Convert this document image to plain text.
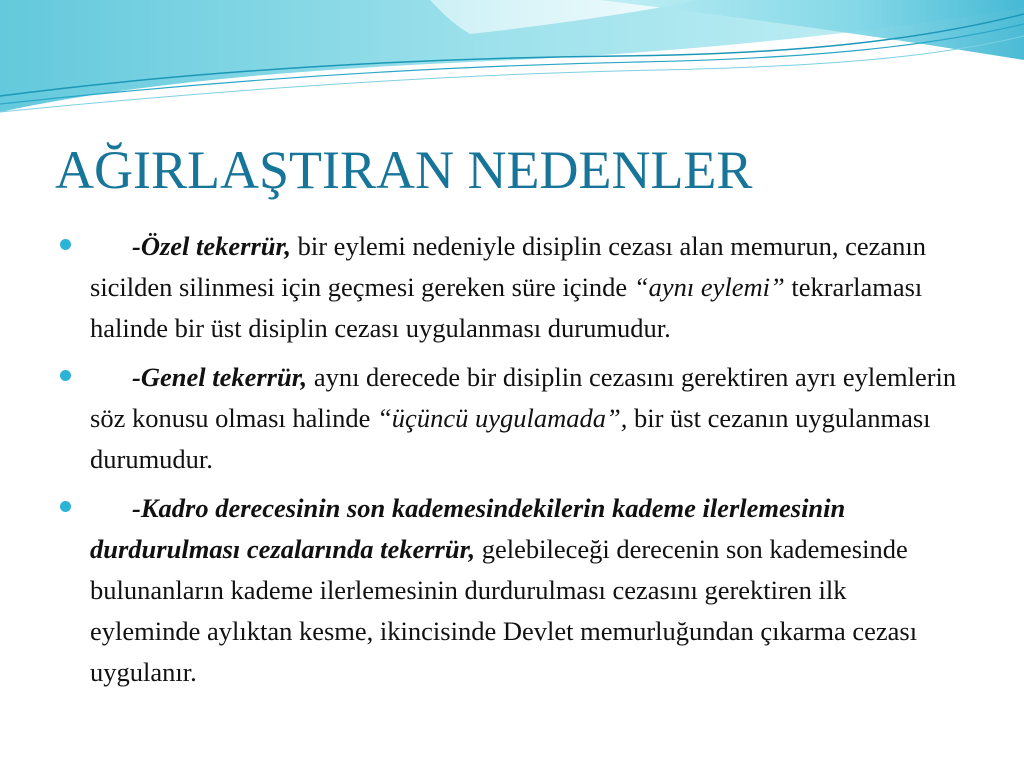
AĞIRLAŞTIRAN NEDENLER
-Özel tekerrür, bir eylemi nedeniyle disiplin cezası alan memurun, cezanın sicilden silinmesi için geçmesi gereken süre içinde “aynı eylemi” tekrarlaması halinde bir üst disiplin cezası uygulanması durumudur.
-Genel tekerrür, aynı derecede bir disiplin cezasını gerektiren ayrı eylemlerin söz konusu olması halinde “üçüncü uygulamada”, bir üst cezanın uygulanması durumudur.
-Kadro derecesinin son kademesindekilerin kademe ilerlemesinin durdurulması cezalarında tekerrür, gelebileceği derecenin son kademesinde bulunanların kademe ilerlemesinin durdurulması cezasını gerektiren ilk eyleminde aylıktan kesme, ikincisinde Devlet memurluğundan çıkarma cezası uygulanır.
